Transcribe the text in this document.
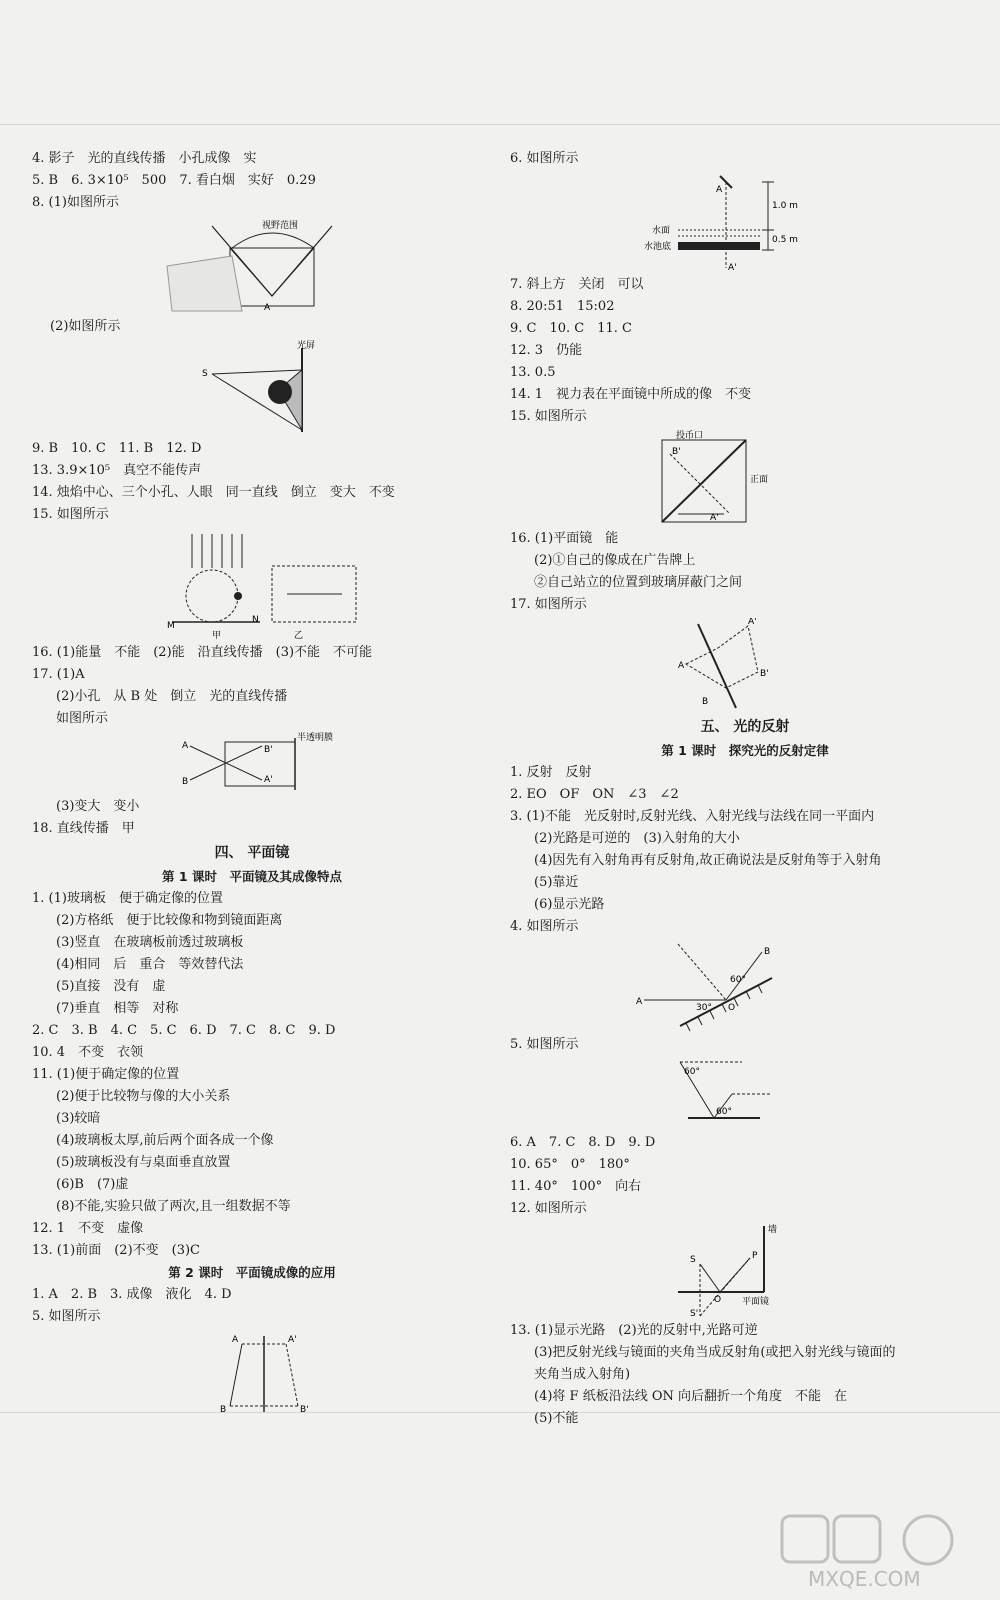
4. 影子　光的直线传播　小孔成像　实
5. B　6. 3×10⁵　500　7. 看白烟　实好　0.29
8. (1)如图所示
A
视野范围
(2)如图所示
S
光屏
9. B　10. C　11. B　12. D
13. 3.9×10⁵　真空不能传声
14. 烛焰中心、三个小孔、人眼　同一直线　倒立　变大　不变
15. 如图所示
M
N
甲	乙
16. (1)能量　不能　(2)能　沿直线传播　(3)不能　不可能
17. (1)A
(2)小孔　从 B 处　倒立　光的直线传播
如图所示
A
B
B'
A'
半透明膜
(3)变大　变小
18. 直线传播　甲
四、 平面镜
第 1 课时　平面镜及其成像特点
1. (1)玻璃板　便于确定像的位置
(2)方格纸　便于比较像和物到镜面距离
(3)竖直　在玻璃板前透过玻璃板
(4)相同　后　重合　等效替代法
(5)直接　没有　虚
(7)垂直　相等　对称
2. C　3. B　4. C　5. C　6. D　7. C　8. C　9. D
10. 4　不变　衣领
11. (1)便于确定像的位置
(2)便于比较物与像的大小关系
(3)较暗
(4)玻璃板太厚,前后两个面各成一个像
(5)玻璃板没有与桌面垂直放置
(6)B　(7)虚
(8)不能,实验只做了两次,且一组数据不等
12. 1　不变　虚像
13. (1)前面　(2)不变　(3)C
第 2 课时　平面镜成像的应用
1. A　2. B　3. 成像　液化　4. D
5. 如图所示
A	A'
B	B'
6. 如图所示
A
A'
1.0 m
0.5 m
水面
水池底
7. 斜上方　关闭　可以
8. 20:51　15:02
9. C　10. C　11. C
12. 3　仍能
13. 0.5
14. 1　视力表在平面镜中所成的像　不变
15. 如图所示
投币口
正面
B'
A'
16. (1)平面镜　能
(2)①自己的像成在广告牌上
②自己站立的位置到玻璃屏蔽门之间
17. 如图所示
A
A'
B'
B
五、 光的反射
第 1 课时　探究光的反射定律
1. 反射　反射
2. EO　OF　ON　∠3　∠2
3. (1)不能　光反射时,反射光线、入射光线与法线在同一平面内
(2)光路是可逆的　(3)入射角的大小
(4)因先有入射角再有反射角,故正确说法是反射角等于入射角
(5)靠近
(6)显示光路
4. 如图所示
A
B
O
60°
30°
5. 如图所示
60°
60°
6. A　7. C　8. D　9. D
10. 65°　0°　180°
11. 40°　100°　向右
12. 如图所示
S	P
O
S'
墙
平面镜
13. (1)显示光路　(2)光的反射中,光路可逆
(3)把反射光线与镜面的夹角当成反射角(或把入射光线与镜面的
夹角当成入射角)
(4)将 F 纸板沿法线 ON 向后翻折一个角度　不能　在
(5)不能
MXQE.COM
